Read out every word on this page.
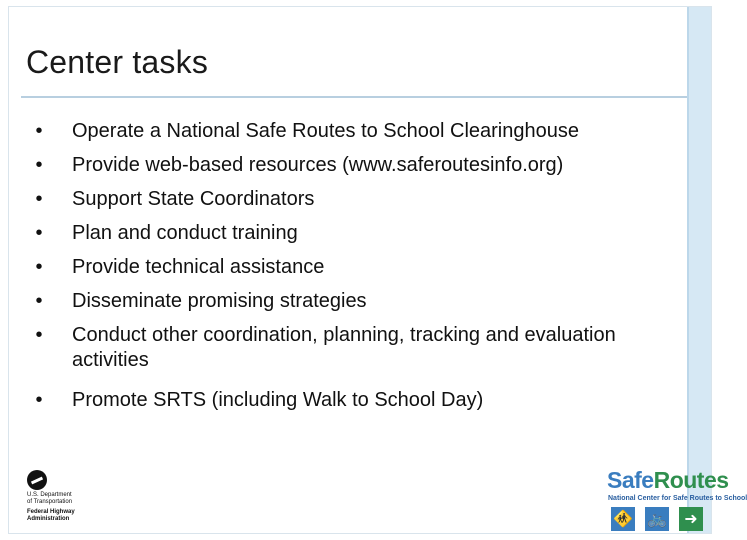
Center tasks
•	Operate a National Safe Routes to School Clearinghouse
•	Provide web-based resources (www.saferoutesinfo.org)
•	Support State Coordinators
•	Plan and conduct training
•	Provide technical assistance
•	Disseminate promising strategies
•	Conduct other coordination, planning, tracking and evaluation activities
•	Promote SRTS (including Walk to School Day)
U.S. Department
of Transportation
Federal Highway
Administration
SafeRoutes
National Center for Safe Routes to School
🚸 🚲	➜
